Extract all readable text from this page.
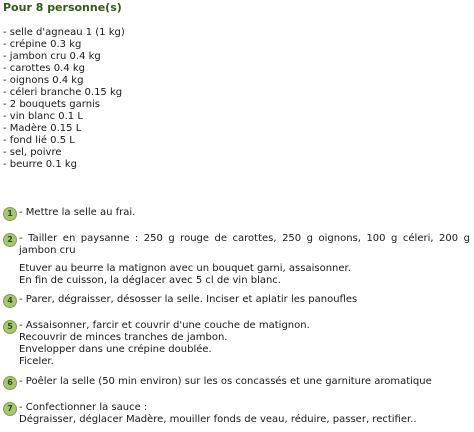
Pour 8 personne(s)
- selle d'agneau 1 (1 kg)
- crépine 0.3 kg
- jambon cru 0.4 kg
- carottes 0.4 kg
- oignons 0.4 kg
- céleri branche 0.15 kg
- 2 bouquets garnis
- vin blanc 0.1 L
- Madère 0.15 L
- fond lié 0.5 L
- sel, poivre
- beurre 0.1 kg
1 - Mettre la selle au frai.
2 - Tailler en paysanne : 250 g rouge de carottes, 250 g oignons, 100 g céleri, 200 g jambon cru
Etuver au beurre la matignon avec un bouquet garni, assaisonner.
En fin de cuisson, la déglacer avec 5 cl de vin blanc.
4 - Parer, dégraisser, désosser la selle. Inciser et aplatir les panoufles
5 - Assaisonner, farcir et couvrir d'une couche de matignon.
Recouvrir de minces tranches de jambon.
Envelopper dans une crépine doublée.
Ficeler.
6 - Poêler la selle (50 min environ) sur les os concassés et une garniture aromatique
7 - Confectionner la sauce :
Dégraisser, déglacer Madère, mouiller fonds de veau, réduire, passer, rectifier..
